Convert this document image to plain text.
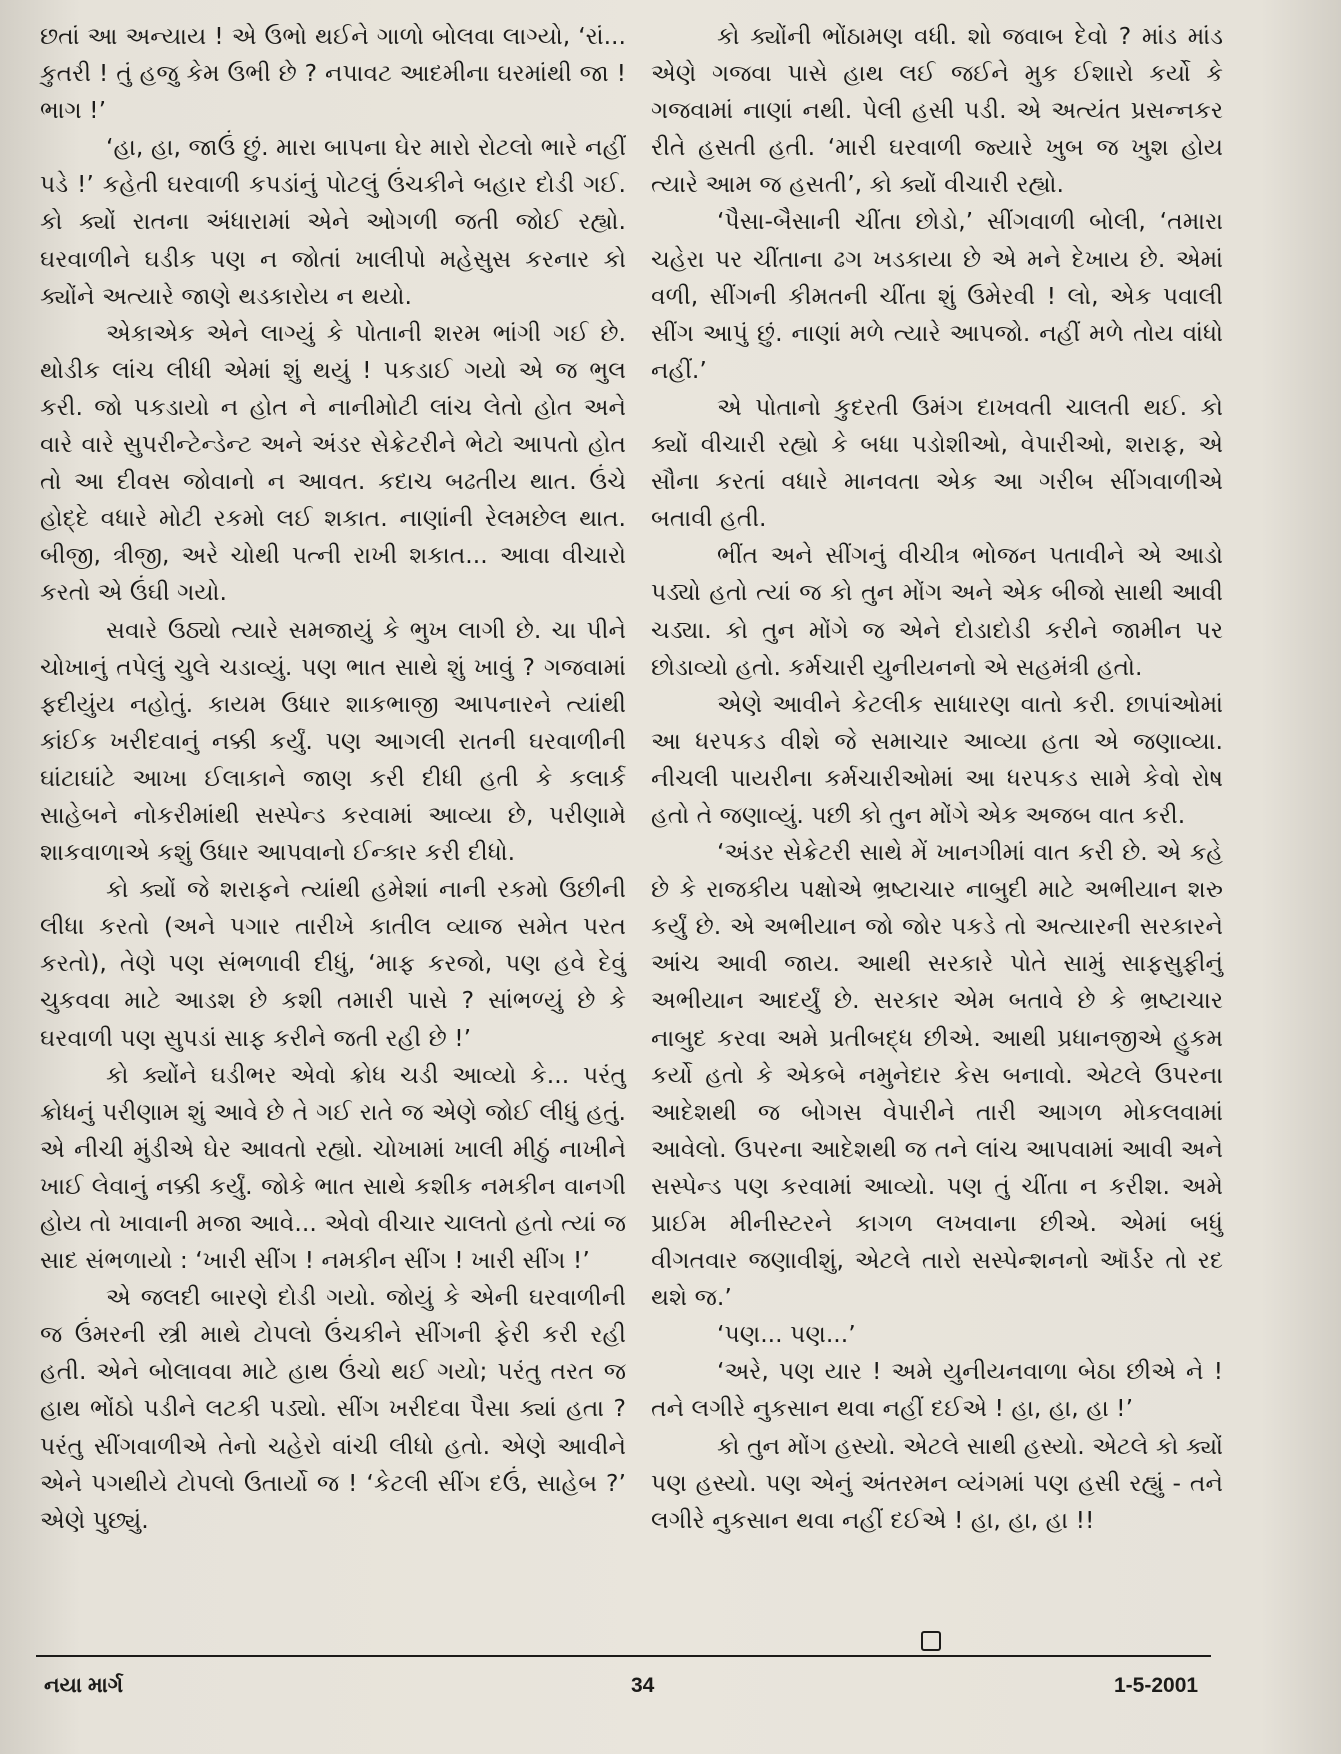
છતાં આ અન્યાય ! એ ઉભો થઈને ગાળો બોલવા લાગ્યો, ‘રાં... કુતરી ! તું હજુ કેમ ઉભી છે ? નપાવટ આદમીના ઘરમાંથી જા ! ભાગ !’

‘હા, હા, જાઉં છું. મારા બાપના ઘેર મારો રોટલો ભારે નહીં પડે !’ કહેતી ઘરવાળી કપડાંનું પોટલું ઉંચકીને બહાર દોડી ગઈ. કો ક્યોં રાતના અંધારામાં એને ઓગળી જતી જોઈ રહ્યો. ઘરવાળીને ઘડીક પણ ન જોતાં ખાલીપો મહેસુસ કરનાર કો ક્યોંને અત્યારે જાણે થડકારોય ન થયો.

એકાએક એને લાગ્યું કે પોતાની શરમ ભાંગી ગઈ છે. થોડીક લાંચ લીધી એમાં શું થયું ! પકડાઈ ગયો એ જ ભુલ કરી. જો પકડાયો ન હોત ને નાનીમોટી લાંચ લેતો હોત અને વારે વારે સુપરીન્ટેન્ડેન્ટ અને અંડર સેક્રેટરીને ભેટો આપતો હોત તો આ દીવસ જોવાનો ન આવત. કદાચ બઢતીય થાત. ઉંચે હોદ્દે વધારે મોટી રકમો લઈ શકાત. નાણાંની રેલમછેલ થાત. બીજી, ત્રીજી, અરે ચોથી પત્ની રાખી શકાત... આવા વીચારો કરતો એ ઉંઘી ગયો.

સવારે ઉઠ્યો ત્યારે સમજાયું કે ભુખ લાગી છે. ચા પીને ચોખાનું તપેલું ચુલે ચડાવ્યું. પણ ભાત સાથે શું ખાવું ? ગજવામાં ફદીયુંય નહોતું. કાયમ ઉધાર શાકભાજી આપનારને ત્યાંથી કાંઈક ખરીદવાનું નક્કી કર્યું. પણ આગલી રાતની ઘરવાળીની ઘાંટાઘાંટે આખા ઈલાકાને જાણ કરી દીધી હતી કે કલાર્ક સાહેબને નોકરીમાંથી સસ્પેન્ડ કરવામાં આવ્યા છે, પરીણામે શાકવાળાએ કશું ઉધાર આપવાનો ઈન્કાર કરી દીધો.

કો ક્યોં જે શરાફને ત્યાંથી હમેશાં નાની રકમો ઉછીની લીધા કરતો (અને પગાર તારીખે કાતીલ વ્યાજ સમેત પરત કરતો), તેણે પણ સંભળાવી દીધું, ‘માફ કરજો, પણ હવે દેવું ચુકવવા માટે આડશ છે કશી તમારી પાસે ? સાંભળ્યું છે કે ઘરવાળી પણ સુપડાં સાફ કરીને જતી રહી છે !’

કો ક્યોંને ઘડીભર એવો ક્રોધ ચડી આવ્યો કે... પરંતુ ક્રોધનું પરીણામ શું આવે છે તે ગઈ રાતે જ એણે જોઈ લીધું હતું. એ નીચી મુંડીએ ઘેર આવતો રહ્યો. ચોખામાં ખાલી મીઠું નાખીને ખાઈ લેવાનું નક્કી કર્યું. જોકે ભાત સાથે કશીક નમકીન વાનગી હોય તો ખાવાની મજા આવે... એવો વીચાર ચાલતો હતો ત્યાં જ સાદ સંભળાયો : ‘ખારી સીંગ ! નમકીન સીંગ ! ખારી સીંગ !’

એ જલદી બારણે દોડી ગયો. જોયું કે એની ઘરવાળીની જ ઉંમરની સ્ત્રી માથે ટોપલો ઉંચકીને સીંગની ફેરી કરી રહી હતી. એને બોલાવવા માટે હાથ ઉંચો થઈ ગયો; પરંતુ તરત જ હાથ ભોંઠો પડીને લટકી પડ્યો. સીંગ ખરીદવા પૈસા ક્યાં હતા ? પરંતુ સીંગવાળીએ તેનો ચહેરો વાંચી લીધો હતો. એણે આવીને એને પગથીયે ટોપલો ઉતાર્યો જ ! ‘કેટલી સીંગ દઉં, સાહેબ ?’ એણે પુછ્યું.

કો ક્યોંની ભોંઠામણ વધી. શો જવાબ દેવો ? માંડ માંડ એણે ગજવા પાસે હાથ લઈ જઈને મુક ઈશારો કર્યો કે ગજવામાં નાણાં નથી. પેલી હસી પડી. એ અત્યંત પ્રસન્નકર રીતે હસતી હતી. ‘મારી ઘરવાળી જ્યારે ખુબ જ ખુશ હોય ત્યારે આમ જ હસતી’, કો ક્યોં વીચારી રહ્યો.

‘પૈસા-બૈસાની ચીંતા છોડો,’ સીંગવાળી બોલી, ‘તમારા ચહેરા પર ચીંતાના ઢગ ખડકાયા છે એ મને દેખાય છે. એમાં વળી, સીંગની કીમતની ચીંતા શું ઉમેરવી ! લો, એક પવાલી સીંગ આપું છું. નાણાં મળે ત્યારે આપજો. નહીં મળે તોય વાંધો નહીં.’

એ પોતાનો કુદરતી ઉમંગ દાખવતી ચાલતી થઈ. કો ક્યોં વીચારી રહ્યો કે બધા પડોશીઓ, વેપારીઓ, શરાફ, એ સૌના કરતાં વધારે માનવતા એક આ ગરીબ સીંગવાળીએ બતાવી હતી.

ભીંત અને સીંગનું વીચીત્ર ભોજન પતાવીને એ આડો પડ્યો હતો ત્યાં જ કો તુન મોંગ અને એક બીજો સાથી આવી ચડ્યા. કો તુન મોંગે જ એને દોડાદોડી કરીને જામીન પર છોડાવ્યો હતો. કર્મચારી યુનીયનનો એ સહમંત્રી હતો.

એણે આવીને કેટલીક સાધારણ વાતો કરી. છાપાંઓમાં આ ધરપકડ વીશે જે સમાચાર આવ્યા હતા એ જણાવ્યા. નીચલી પાયરીના કર્મચારીઓમાં આ ધરપકડ સામે કેવો રોષ હતો તે જણાવ્યું. પછી કો તુન મોંગે એક અજબ વાત કરી.

‘અંડર સેક્રેટરી સાથે મેં ખાનગીમાં વાત કરી છે. એ કહે છે કે રાજકીય પક્ષોએ ભ્રષ્ટાચાર નાબુદી માટે અભીયાન શરુ કર્યું છે. એ અભીયાન જો જોર પકડે તો અત્યારની સરકારને આંચ આવી જાય. આથી સરકારે પોતે સામું સાફસુફીનું અભીયાન આદર્યું છે. સરકાર એમ બતાવે છે કે ભ્રષ્ટાચાર નાબુદ કરવા અમે પ્રતીબદ્ધ છીએ. આથી પ્રધાનજીએ હુકમ કર્યો હતો કે એકબે નમુનેદાર કેસ બનાવો. એટલે ઉપરના આદેશથી જ બોગસ વેપારીને તારી આગળ મોકલવામાં આવેલો. ઉપરના આદેશથી જ તને લાંચ આપવામાં આવી અને સસ્પેન્ડ પણ કરવામાં આવ્યો. પણ તું ચીંતા ન કરીશ. અમે પ્રાઈમ મીનીસ્ટરને કાગળ લખવાના છીએ. એમાં બધું વીગતવાર જણાવીશું, એટલે તારો સસ્પેન્શનનો ઑર્ડર તો રદ થશે જ.’

‘પણ... પણ...’

‘અરે, પણ યાર ! અમે યુનીયનવાળા બેઠા છીએ ને ! તને લગીરે નુકસાન થવા નહીં દઈએ ! હા, હા, હા !’

કો તુન મોંગ હસ્યો. એટલે સાથી હસ્યો. એટલે કો ક્યોં પણ હસ્યો. પણ એનું અંતરમન વ્યંગમાં પણ હસી રહ્યું - તને લગીરે નુકસાન થવા નહીં દઈએ ! હા, હા, હા !!

નયા માર્ગ	34	1-5-2001
